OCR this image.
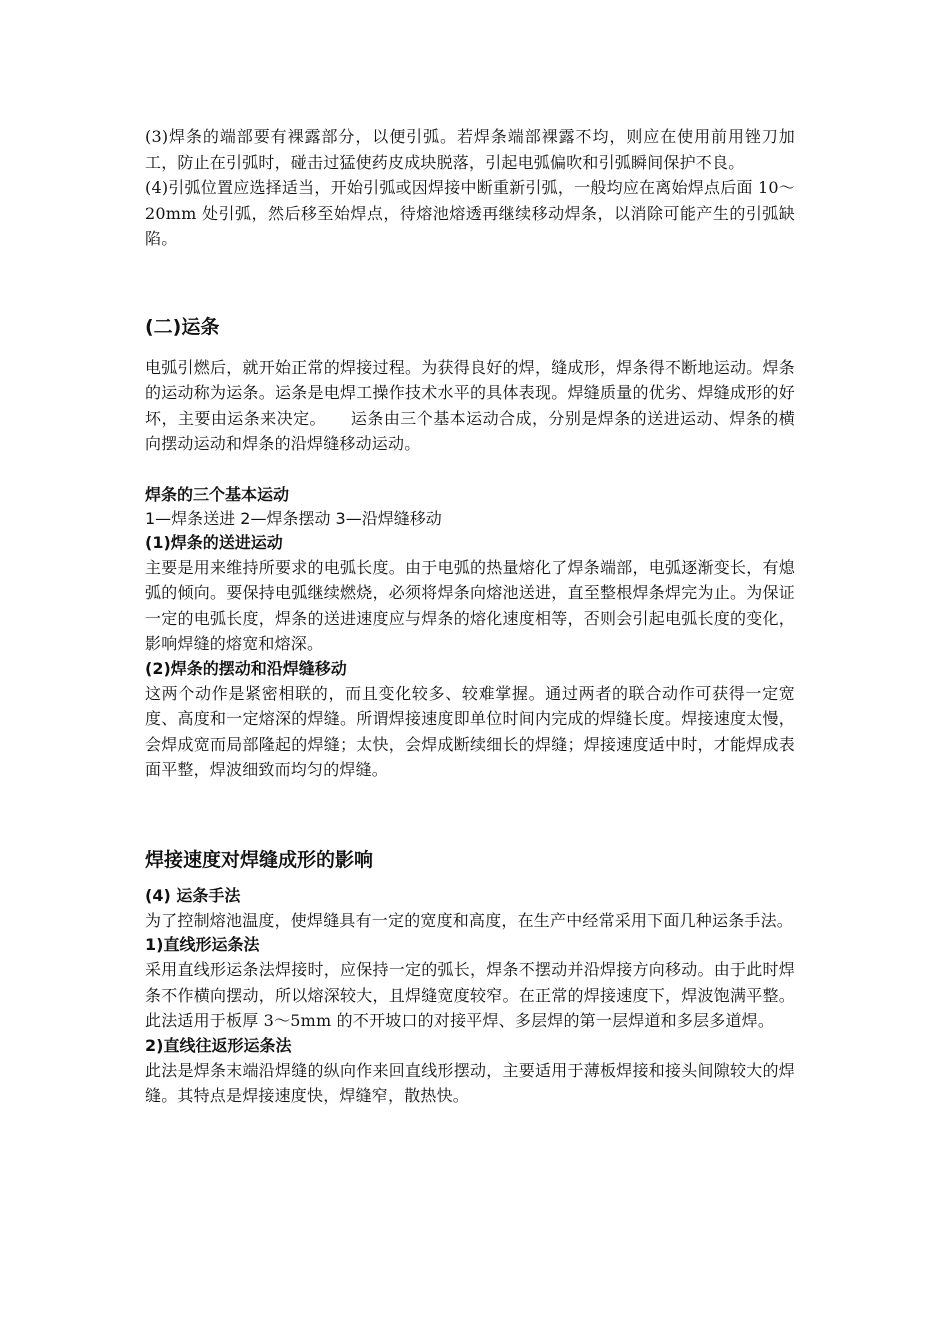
(3)焊条的端部要有裸露部分，以便引弧。若焊条端部裸露不均，则应在使用前用锉刀加工，防止在引弧时，碰击过猛使药皮成块脱落，引起电弧偏吹和引弧瞬间保护不良。

(4)引弧位置应选择适当，开始引弧或因焊接中断重新引弧，一般均应在离始焊点后面 10～20mm 处引弧，然后移至始焊点，待熔池熔透再继续移动焊条，以消除可能产生的引弧缺陷。

(二)运条

电弧引燃后，就开始正常的焊接过程。为获得良好的焊，缝成形，焊条得不断地运动。焊条的运动称为运条。运条是电焊工操作技术水平的具体表现。焊缝质量的优劣、焊缝成形的好坏，主要由运条来决定。　　运条由三个基本运动合成，分别是焊条的送进运动、焊条的横向摆动运动和焊条的沿焊缝移动运动。

焊条的三个基本运动

1—焊条送进 2—焊条摆动 3—沿焊缝移动

(1)焊条的送进运动

主要是用来维持所要求的电弧长度。由于电弧的热量熔化了焊条端部，电弧逐渐变长，有熄弧的倾向。要保持电弧继续燃烧，必须将焊条向熔池送进，直至整根焊条焊完为止。为保证一定的电弧长度，焊条的送进速度应与焊条的熔化速度相等，否则会引起电弧长度的变化，影响焊缝的熔宽和熔深。

(2)焊条的摆动和沿焊缝移动

这两个动作是紧密相联的，而且变化较多、较难掌握。通过两者的联合动作可获得一定宽度、高度和一定熔深的焊缝。所谓焊接速度即单位时间内完成的焊缝长度。焊接速度太慢，会焊成宽而局部隆起的焊缝；太快，会焊成断续细长的焊缝；焊接速度适中时，才能焊成表面平整，焊波细致而均匀的焊缝。

焊接速度对焊缝成形的影响

(4) 运条手法

为了控制熔池温度，使焊缝具有一定的宽度和高度，在生产中经常采用下面几种运条手法。

1)直线形运条法

采用直线形运条法焊接时，应保持一定的弧长，焊条不摆动并沿焊接方向移动。由于此时焊条不作横向摆动，所以熔深较大，且焊缝宽度较窄。在正常的焊接速度下，焊波饱满平整。此法适用于板厚 3～5mm 的不开坡口的对接平焊、多层焊的第一层焊道和多层多道焊。

2)直线往返形运条法

此法是焊条末端沿焊缝的纵向作来回直线形摆动，主要适用于薄板焊接和接头间隙较大的焊缝。其特点是焊接速度快，焊缝窄，散热快。
